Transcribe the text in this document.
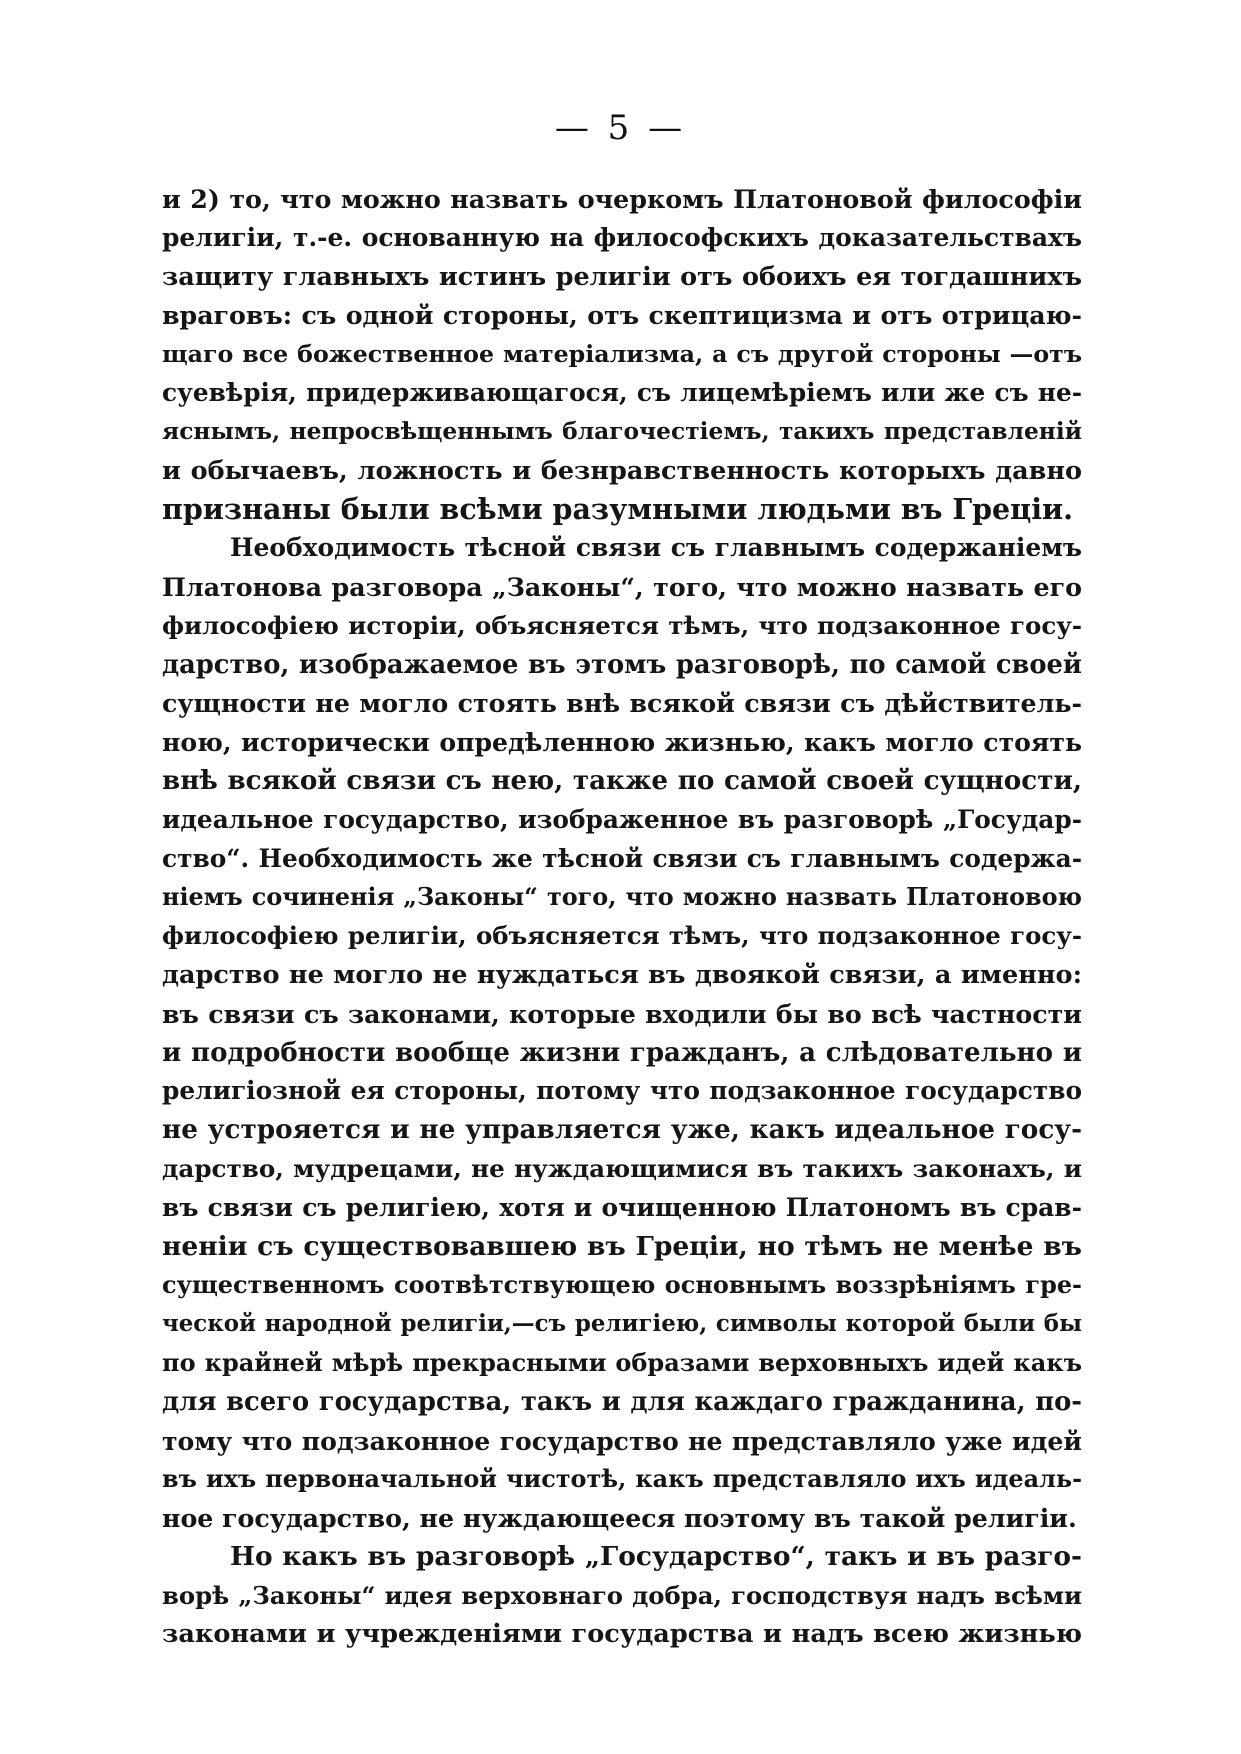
— 5 —
и 2) то, что можно назвать очеркомъ Платоновой философіи
религіи, т.-е. основанную на философскихъ доказательствахъ
защиту главныхъ истинъ религіи отъ обоихъ ея тогдашнихъ
враговъ: съ одной стороны, отъ скептицизма и отъ отрицаю-
щаго все божественное матеріализма, а съ другой стороны —отъ
суевѣрія, придерживающагося, съ лицемѣріемъ или же съ не-
яснымъ, непросвѣщеннымъ благочестіемъ, такихъ представленій
и обычаевъ, ложность и безнравственность которыхъ давно
признаны были всѣми разумными людьми въ Греціи.
Необходимость тѣсной связи съ главнымъ содержаніемъ
Платонова разговора „Законы“, того, что можно назвать его
философіею исторіи, объясняется тѣмъ, что подзаконное госу-
дарство, изображаемое въ этомъ разговорѣ, по самой своей
сущности не могло стоять внѣ всякой связи съ дѣйствитель-
ною, исторически опредѣленною жизнью, какъ могло стоять
внѣ всякой связи съ нею, также по самой своей сущности,
идеальное государство, изображенное въ разговорѣ „Государ-
ство“. Необходимость же тѣсной связи съ главнымъ содержа-
ніемъ сочиненія „Законы“ того, что можно назвать Платоновою
философіею религіи, объясняется тѣмъ, что подзаконное госу-
дарство не могло не нуждаться въ двоякой связи, а именно:
въ связи съ законами, которые входили бы во всѣ частности
и подробности вообще жизни гражданъ, а слѣдовательно и
религіозной ея стороны, потому что подзаконное государство
не устрояется и не управляется уже, какъ идеальное госу-
дарство, мудрецами, не нуждающимися въ такихъ законахъ, и
въ связи съ религіею, хотя и очищенною Платономъ въ срав-
неніи съ существовавшею въ Греціи, но тѣмъ не менѣе въ
существенномъ соотвѣтствующею основнымъ воззрѣніямъ гре-
ческой народной религіи,—съ религіею, символы которой были бы
по крайней мѣрѣ прекрасными образами верховныхъ идей какъ
для всего государства, такъ и для каждаго гражданина, по-
тому что подзаконное государство не представляло уже идей
въ ихъ первоначальной чистотѣ, какъ представляло ихъ идеаль-
ное государство, не нуждающееся поэтому въ такой религіи.
Но какъ въ разговорѣ „Государство“, такъ и въ разго-
ворѣ „Законы“ идея верховнаго добра, господствуя надъ всѣми
законами и учрежденіями государства и надъ всею жизнью
